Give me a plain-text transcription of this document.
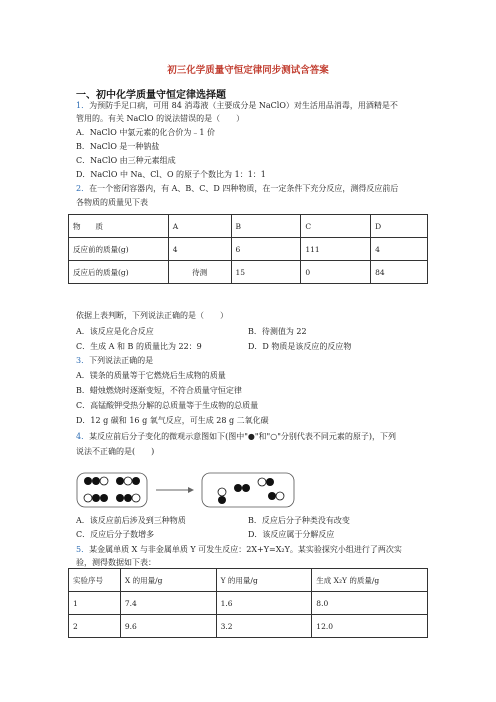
初三化学质量守恒定律同步测试含答案
一、初中化学质量守恒定律选择题
1．为预防手足口病，可用 84 消毒液（主要成分是 NaClO）对生活用品消毒，用酒精是不
管用的。有关 NaClO 的说法错误的是（　　）
A．NaClO 中氯元素的化合价为﹣1 价
B．NaClO 是一种钠盐
C．NaClO 由三种元素组成
D．NaClO 中 Na、Cl、O 的原子个数比为 1：1：1
2．在一个密闭容器内，有 A、B、C、D 四种物质，在一定条件下充分反应，测得反应前后
各物质的质量见下表
物　　质	A	B	C	D
反应前的质量(g)	4	6	111	4
反应后的质量(g)	待测	15	0	84
依据上表判断，下列说法正确的是（　　）
A．该反应是化合反应	B．待测值为 22
C．生成 A 和 B 的质量比为 22：9	D．D 物质是该反应的反应物
3．下列说法正确的是
A．镁条的质量等于它燃烧后生成物的质量
B．蜡烛燃烧时逐渐变短，不符合质量守恒定律
C．高锰酸钾受热分解的总质量等于生成物的总质量
D．12 g 碳和 16 g 氧气反应，可生成 28 g 二氧化碳
4．某反应前后分子变化的微观示意图如下(图中"●"和"○"分别代表不同元素的原子)，下列
说法不正确的是(　　)
A．该反应前后涉及到三种物质	B．反应后分子种类没有改变
C．反应后分子数增多	D．该反应属于分解反应
5．某金属单质 X 与非金属单质 Y 可发生反应：2X+Y=X₂Y。某实验探究小组进行了两次实
验，测得数据如下表：
实验序号	X 的用量/g	Y 的用量/g	生成 X₂Y 的质量/g
1	7.4	1.6	8.0
2	9.6	3.2	12.0
